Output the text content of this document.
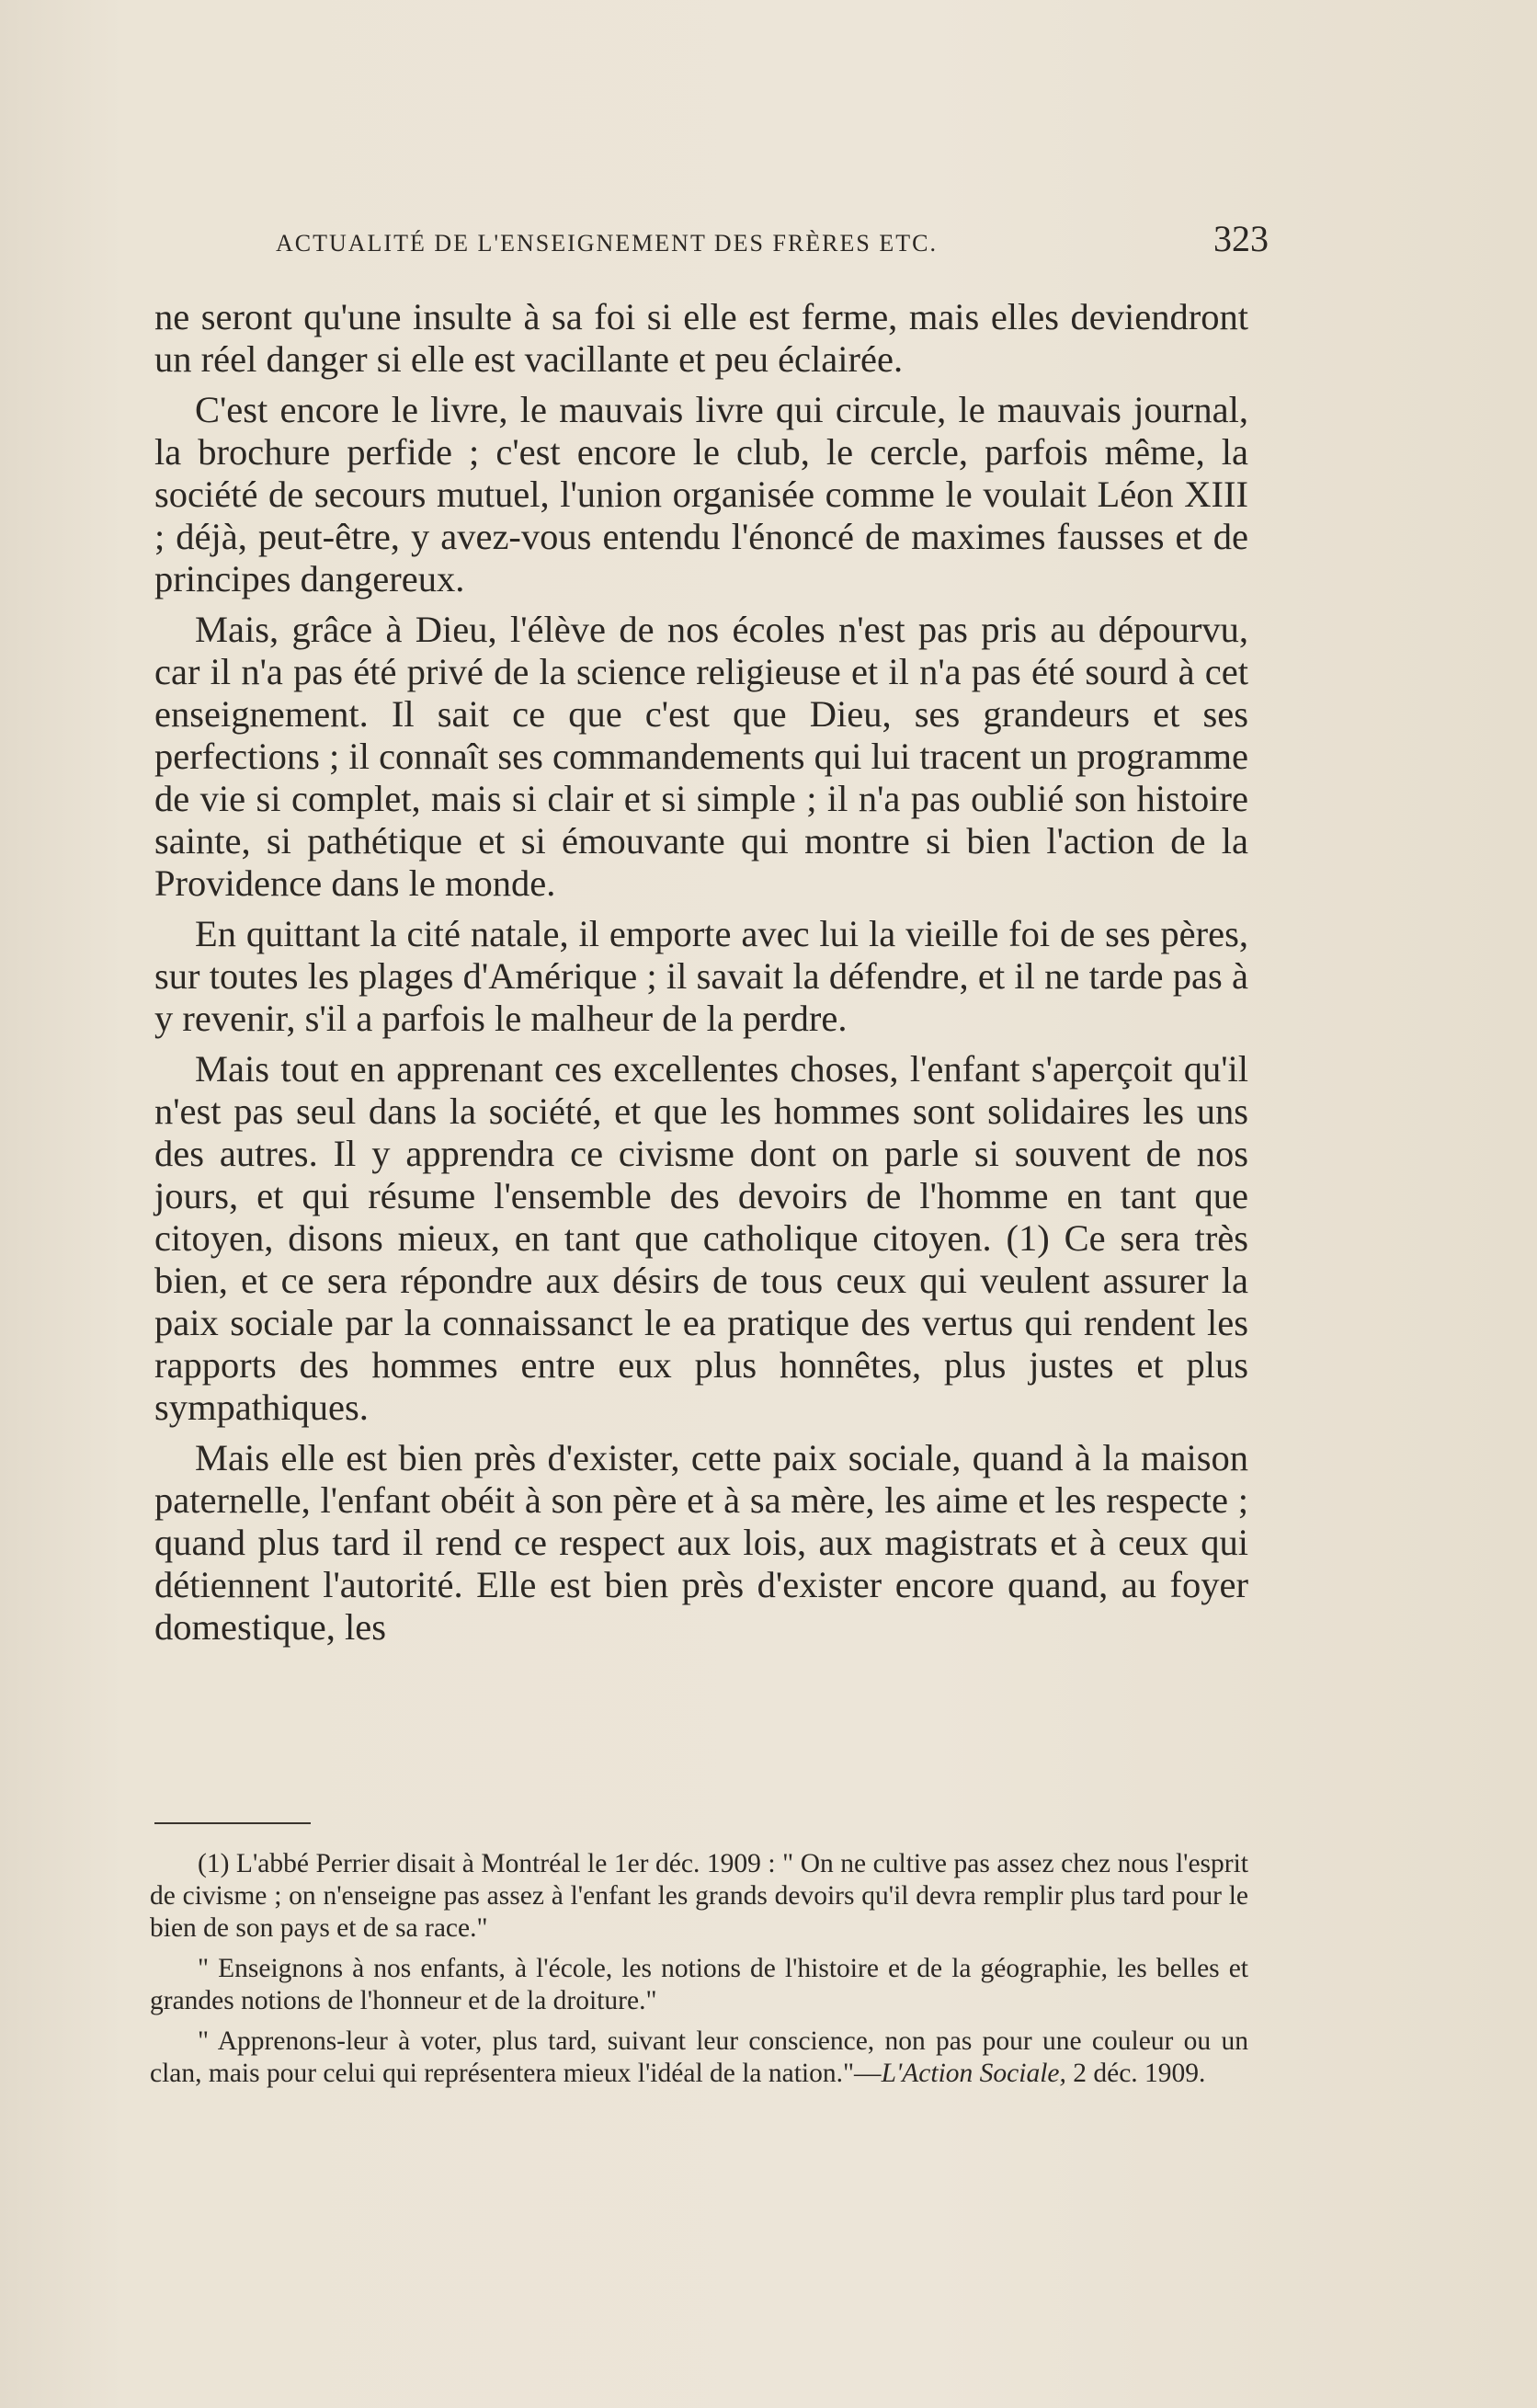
ACTUALITÉ DE L'ENSEIGNEMENT DES FRÈRES ETC.	323

ne seront qu'une insulte à sa foi si elle est ferme, mais elles deviendront un réel danger si elle est vacillante et peu éclairée.

C'est encore le livre, le mauvais livre qui circule, le mauvais journal, la brochure perfide ; c'est encore le club, le cercle, parfois même, la société de secours mutuel, l'union organisée comme le voulait Léon XIII ; déjà, peut-être, y avez-vous entendu l'énoncé de maximes fausses et de principes dangereux.

Mais, grâce à Dieu, l'élève de nos écoles n'est pas pris au dépourvu, car il n'a pas été privé de la science religieuse et il n'a pas été sourd à cet enseignement. Il sait ce que c'est que Dieu, ses grandeurs et ses perfections ; il connaît ses commandements qui lui tracent un programme de vie si complet, mais si clair et si simple ; il n'a pas oublié son histoire sainte, si pathétique et si émouvante qui montre si bien l'action de la Providence dans le monde.

En quittant la cité natale, il emporte avec lui la vieille foi de ses pères, sur toutes les plages d'Amérique ; il savait la défendre, et il ne tarde pas à y revenir, s'il a parfois le malheur de la perdre.

Mais tout en apprenant ces excellentes choses, l'enfant s'aperçoit qu'il n'est pas seul dans la société, et que les hommes sont solidaires les uns des autres. Il y apprendra ce civisme dont on parle si souvent de nos jours, et qui résume l'ensemble des devoirs de l'homme en tant que citoyen, disons mieux, en tant que catholique citoyen. (1) Ce sera très bien, et ce sera répondre aux désirs de tous ceux qui veulent assurer la paix sociale par la connaissanct le ea pratique des vertus qui rendent les rapports des hommes entre eux plus honnêtes, plus justes et plus sympathiques.

Mais elle est bien près d'exister, cette paix sociale, quand à la maison paternelle, l'enfant obéit à son père et à sa mère, les aime et les respecte ; quand plus tard il rend ce respect aux lois, aux magistrats et à ceux qui détiennent l'autorité. Elle est bien près d'exister encore quand, au foyer domestique, les

(1) L'abbé Perrier disait à Montréal le 1er déc. 1909 : " On ne cultive pas assez chez nous l'esprit de civisme ; on n'enseigne pas assez à l'enfant les grands devoirs qu'il devra remplir plus tard pour le bien de son pays et de sa race."

" Enseignons à nos enfants, à l'école, les notions de l'histoire et de la géographie, les belles et grandes notions de l'honneur et de la droiture."

" Apprenons-leur à voter, plus tard, suivant leur conscience, non pas pour une couleur ou un clan, mais pour celui qui représentera mieux l'idéal de la nation."—L'Action Sociale, 2 déc. 1909.
